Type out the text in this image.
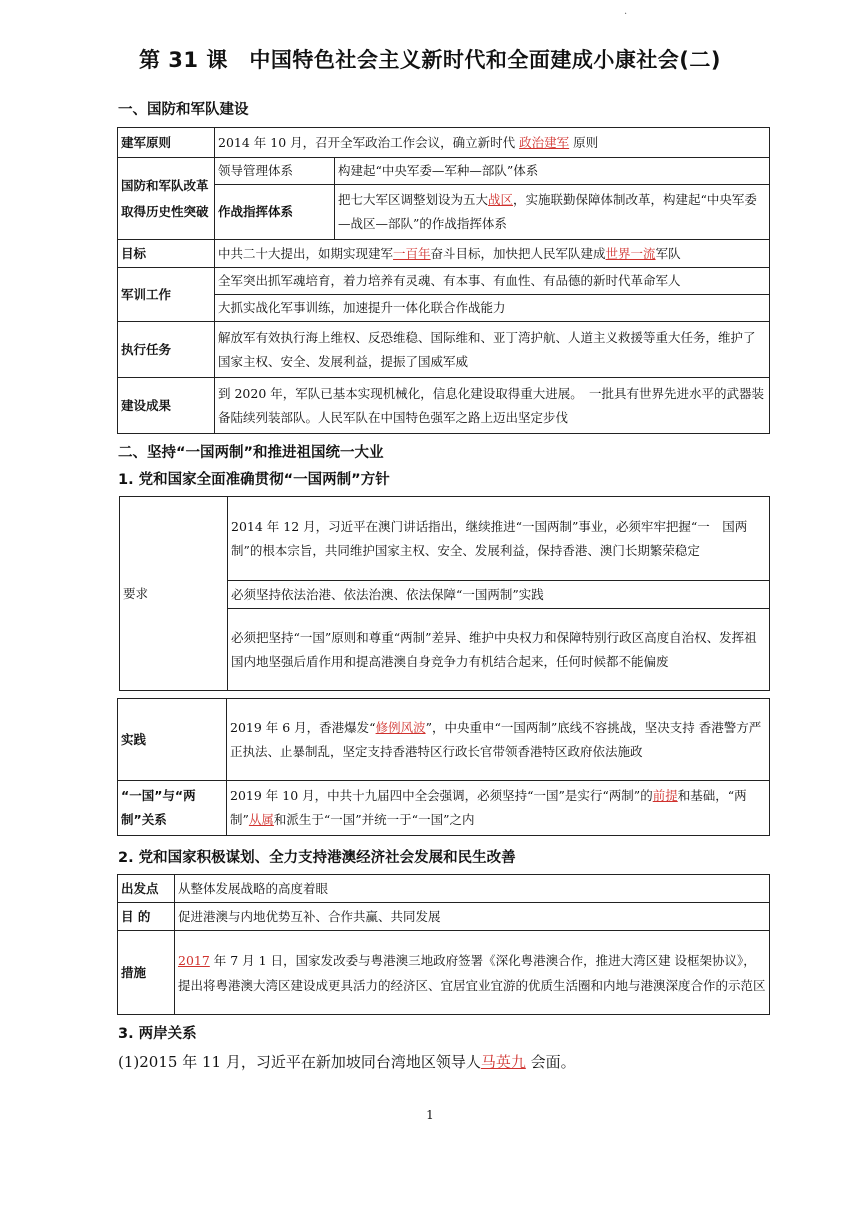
.
第 31 课　中国特色社会主义新时代和全面建成小康社会(二)
一、国防和军队建设
建军原则	2014 年 10 月，召开全军政治工作会议，确立新时代 政治建军 原则	
国防和军队改革取得历史性突破	领导管理体系	构建起“中央军委—军种—部队”体系
	作战指挥体系	把七大军区调整划设为五大战区，实施联勤保障体制改革，构建起“中央军委—战区—部队”的作战指挥体系
目标	中共二十大提出，如期实现建军一百年奋斗目标，加快把人民军队建成世界一流军队	
军训工作	全军突出抓军魂培育，着力培养有灵魂、有本事、有血性、有品德的新时代革命军人	
	大抓实战化军事训练，加速提升一体化联合作战能力	
执行任务	解放军有效执行海上维权、反恐维稳、国际维和、亚丁湾护航、人道主义救援等重大任务，维护了国家主权、安全、发展利益，提振了国威军威	
建设成果	到 2020 年，军队已基本实现机械化，信息化建设取得重大进展。　一批具有世界先进水平的武器装备陆续列装部队。人民军队在中国特色强军之路上迈出坚定步伐	
二、坚持“一国两制”和推进祖国统一大业
1. 党和国家全面准确贯彻“一国两制”方针
要求	2014 年 12 月，习近平在澳门讲话指出，继续推进“一国两制”事业，必须牢牢把握“一　国两制”的根本宗旨，共同维护国家主权、安全、发展利益，保持香港、澳门长期繁荣稳定
必须坚持依法治港、依法治澳、依法保障“一国两制”实践
必须把坚持“一国”原则和尊重“两制”差异、维护中央权力和保障特别行政区高度自治权、发挥祖国内地坚强后盾作用和提高港澳自身竞争力有机结合起来，任何时候都不能偏废
实践	2019 年 6 月，香港爆发“修例风波”，中央重申“一国两制”底线不容挑战，坚决支持 香港警方严正执法、止暴制乱，坚定支持香港特区行政长官带领香港特区政府依法施政
“一国”与“两制”关系	2019 年 10 月，中共十九届四中全会强调，必须坚持“一国”是实行“两制”的前提和基础，“两制”从属和派生于“一国”并统一于“一国”之内
2. 党和国家积极谋划、全力支持港澳经济社会发展和民生改善
出发点	从整体发展战略的高度着眼
目 的	促进港澳与内地优势互补、合作共赢、共同发展
措施	2017 年 7 月 1 日，国家发改委与粤港澳三地政府签署《深化粤港澳合作，推进大湾区建 设框架协议》，提出将粤港澳大湾区建设成更具活力的经济区、宜居宜业宜游的优质生活圈和内地与港澳深度合作的示范区
3. 两岸关系

(1)2015 年 11 月，习近平在新加坡同台湾地区领导人马英九 会面。

1
